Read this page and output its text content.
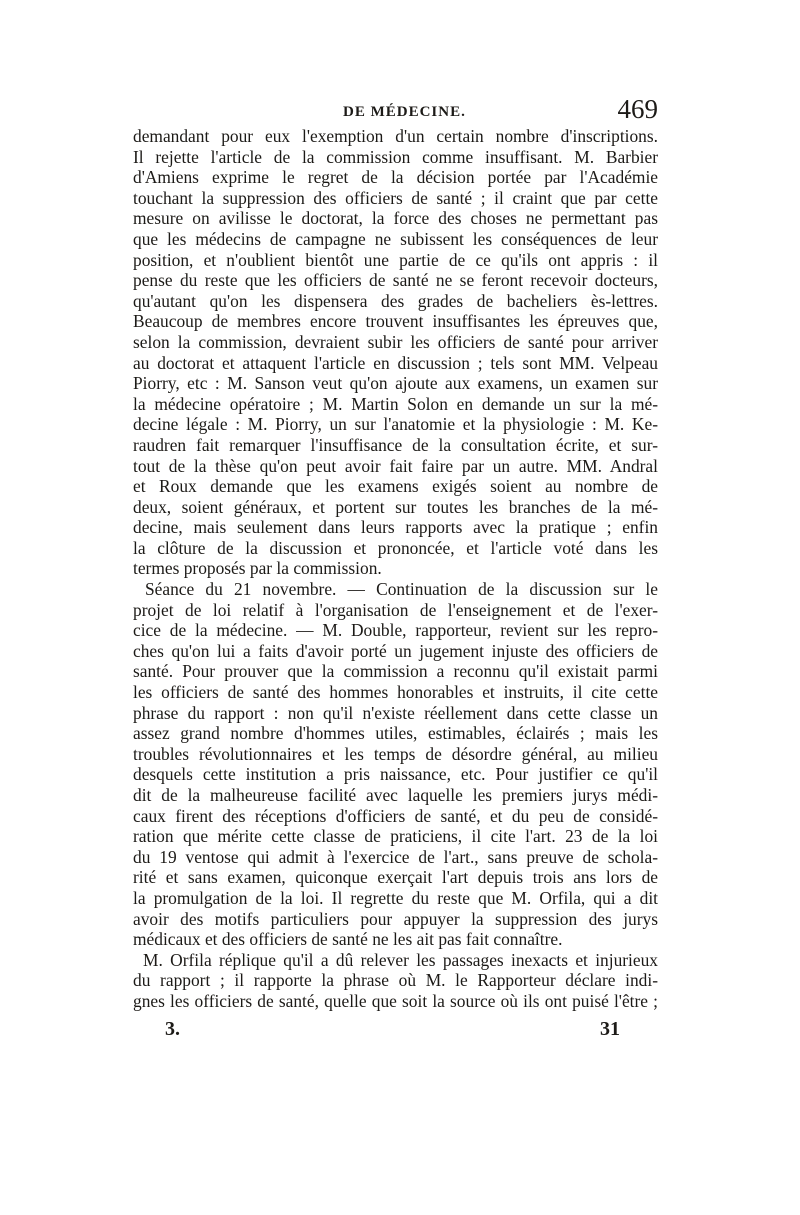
DE MÉDECINE.	469
demandant pour eux l'exemption d'un certain nombre d'inscriptions.
Il rejette l'article de la commission comme insuffisant. M. Barbier
d'Amiens exprime le regret de la décision portée par l'Académie
touchant la suppression des officiers de santé ; il craint que par cette
mesure on avilisse le doctorat, la force des choses ne permettant pas
que les médecins de campagne ne subissent les conséquences de leur
position, et n'oublient bientôt une partie de ce qu'ils ont appris : il
pense du reste que les officiers de santé ne se feront recevoir docteurs,
qu'autant qu'on les dispensera des grades de bacheliers ès-lettres.
Beaucoup de membres encore trouvent insuffisantes les épreuves que,
selon la commission, devraient subir les officiers de santé pour arriver
au doctorat et attaquent l'article en discussion ; tels sont MM. Velpeau
Piorry, etc : M. Sanson veut qu'on ajoute aux examens, un examen sur
la médecine opératoire ; M. Martin Solon en demande un sur la mé-
decine légale : M. Piorry, un sur l'anatomie et la physiologie : M. Ke-
raudren fait remarquer l'insuffisance de la consultation écrite, et sur-
tout de la thèse qu'on peut avoir fait faire par un autre. MM. Andral
et Roux demande que les examens exigés soient au nombre de
deux, soient généraux, et portent sur toutes les branches de la mé-
decine, mais seulement dans leurs rapports avec la pratique ; enfin
la clôture de la discussion et prononcée, et l'article voté dans les
termes proposés par la commission.
Séance du 21 novembre. — Continuation de la discussion sur le
projet de loi relatif à l'organisation de l'enseignement et de l'exer-
cice de la médecine. — M. Double, rapporteur, revient sur les repro-
ches qu'on lui a faits d'avoir porté un jugement injuste des officiers de
santé. Pour prouver que la commission a reconnu qu'il existait parmi
les officiers de santé des hommes honorables et instruits, il cite cette
phrase du rapport : non qu'il n'existe réellement dans cette classe un
assez grand nombre d'hommes utiles, estimables, éclairés ; mais les
troubles révolutionnaires et les temps de désordre général, au milieu
desquels cette institution a pris naissance, etc. Pour justifier ce qu'il
dit de la malheureuse facilité avec laquelle les premiers jurys médi-
caux firent des réceptions d'officiers de santé, et du peu de considé-
ration que mérite cette classe de praticiens, il cite l'art. 23 de la loi
du 19 ventose qui admit à l'exercice de l'art., sans preuve de schola-
rité et sans examen, quiconque exerçait l'art depuis trois ans lors de
la promulgation de la loi. Il regrette du reste que M. Orfila, qui a dit
avoir des motifs particuliers pour appuyer la suppression des jurys
médicaux et des officiers de santé ne les ait pas fait connaître.
M. Orfila réplique qu'il a dû relever les passages inexacts et injurieux
du rapport ; il rapporte la phrase où M. le Rapporteur déclare indi-
gnes les officiers de santé, quelle que soit la source où ils ont puisé l'être ;
3.	31
